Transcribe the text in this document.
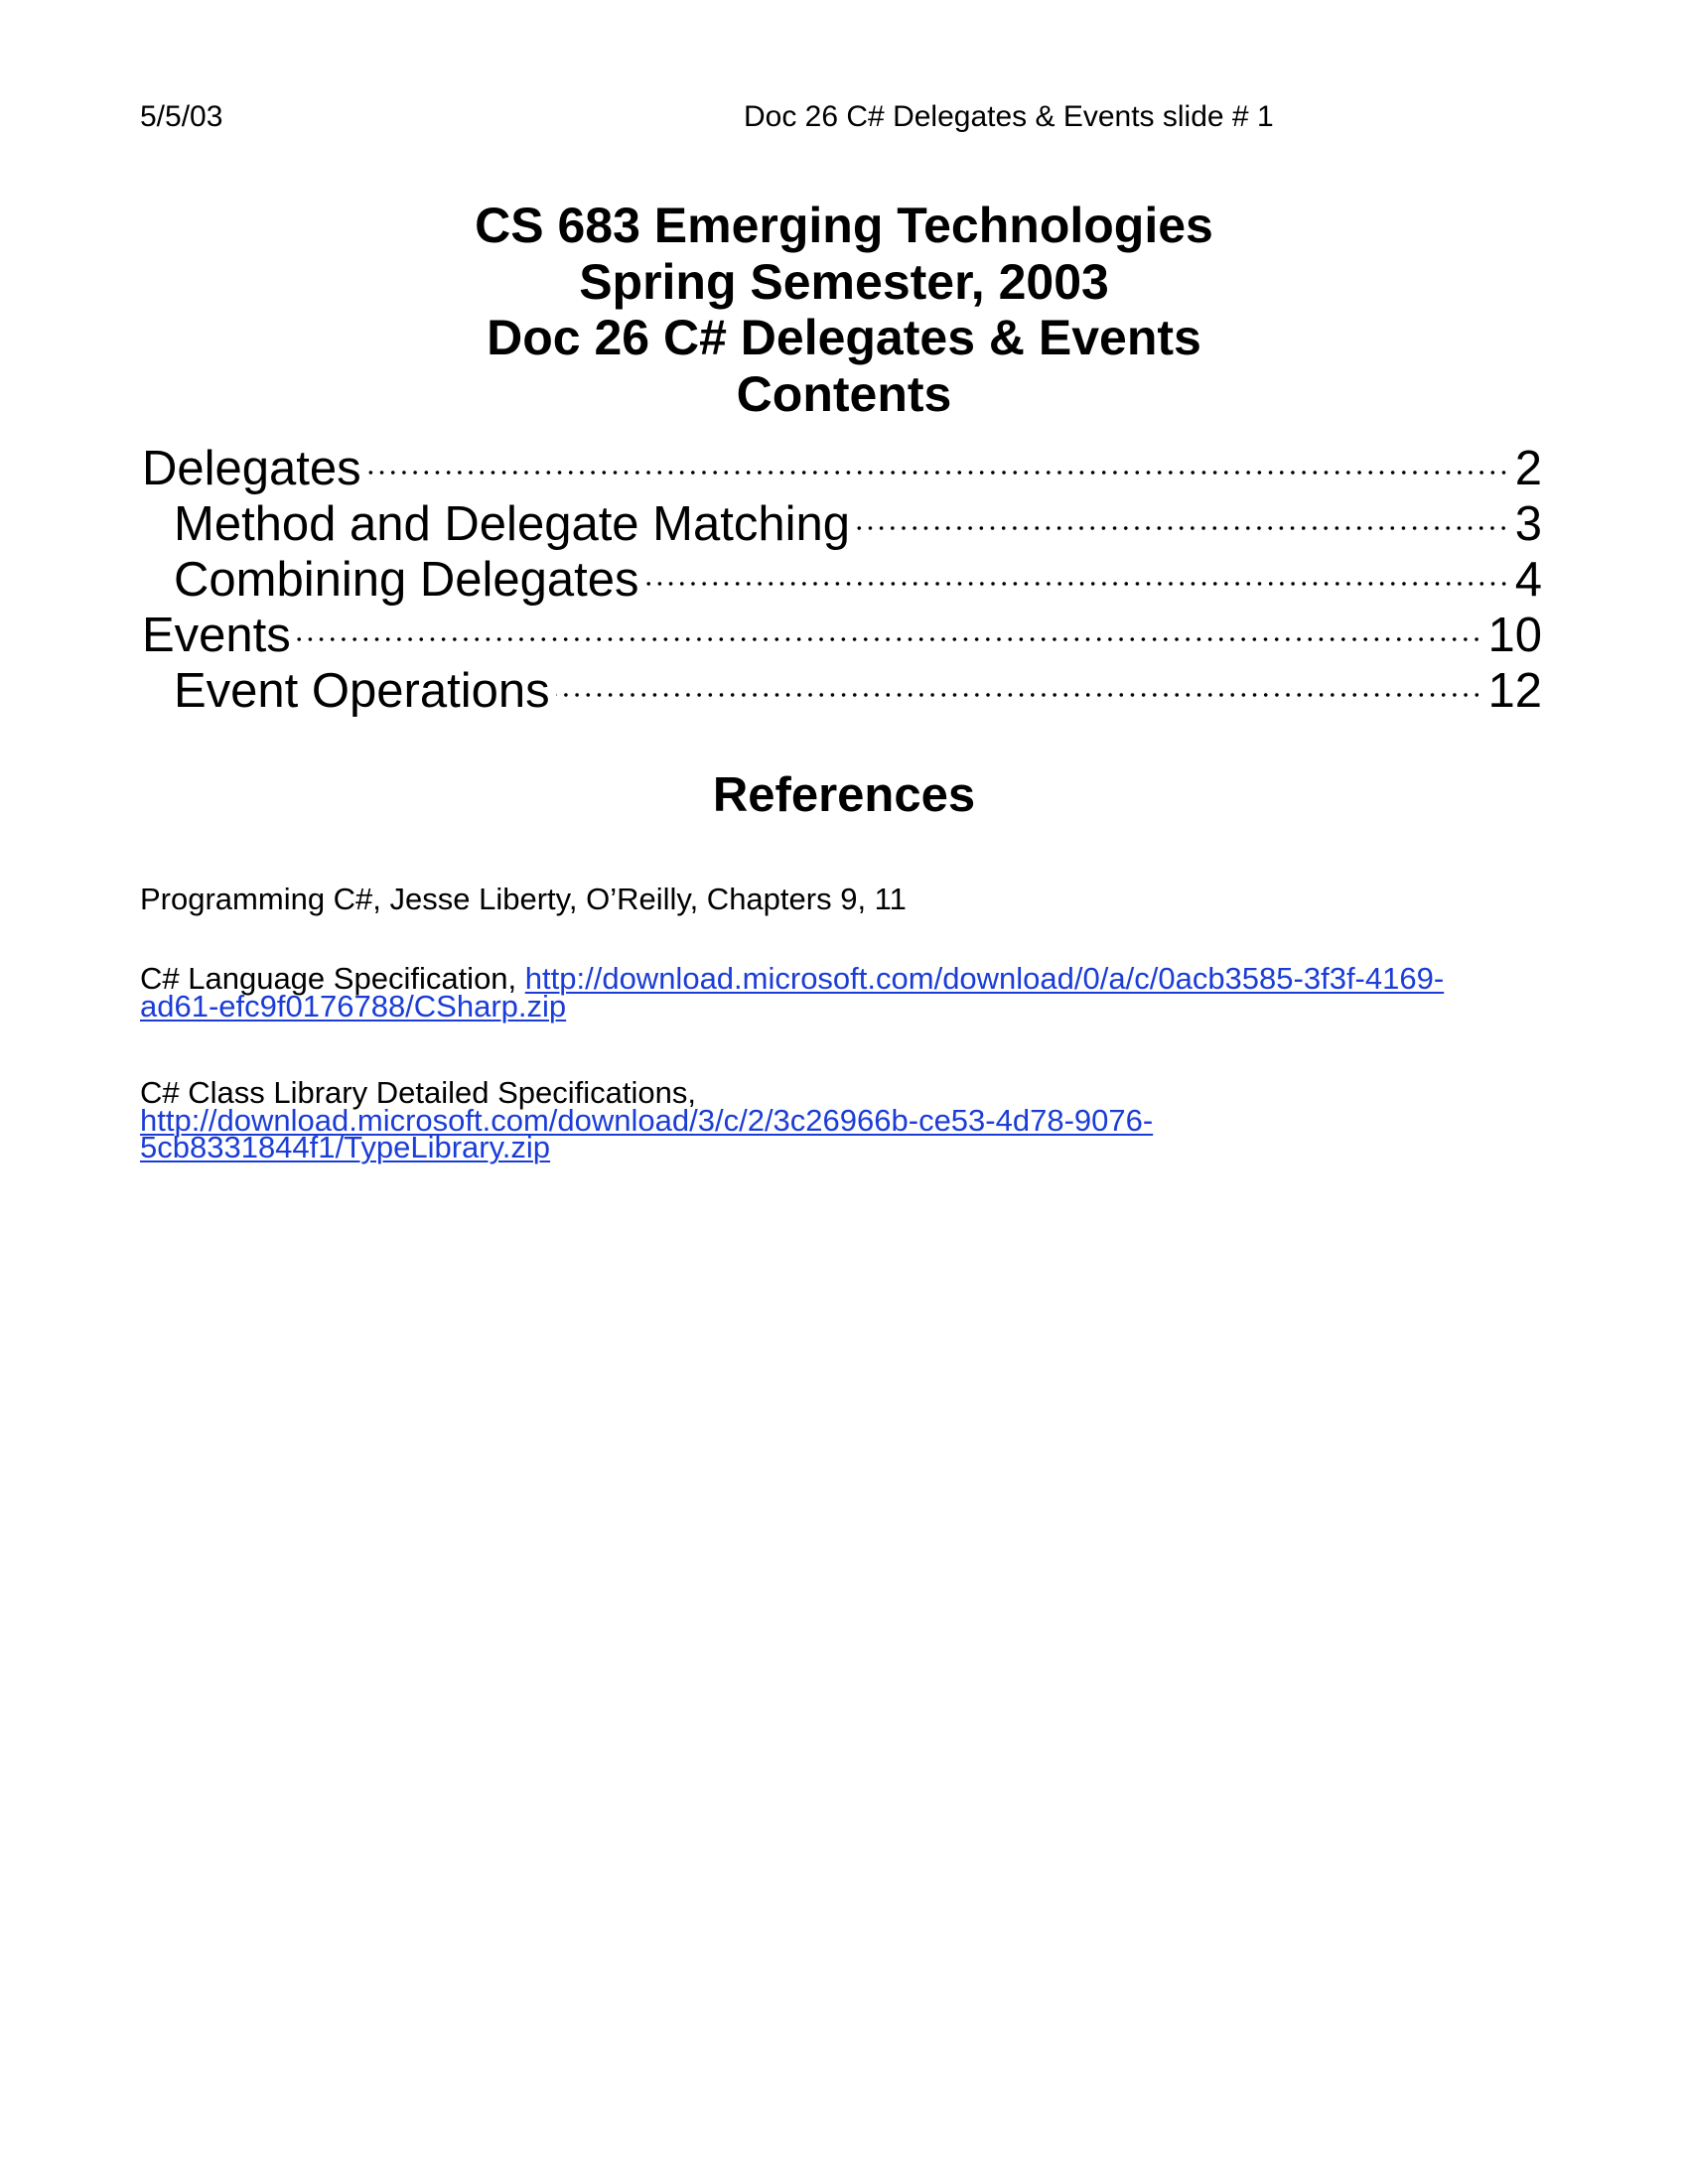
5/5/03	Doc 26 C# Delegates & Events slide # 1
CS 683 Emerging Technologies
Spring Semester, 2003
Doc 26 C# Delegates & Events
Contents
Delegates	2
Method and Delegate Matching	3
Combining Delegates	4
Events	10
Event Operations	12
References
Programming C#, Jesse Liberty, O’Reilly, Chapters 9, 11
C# Language Specification, http://download.microsoft.com/download/0/a/c/0acb3585-3f3f-4169-
ad61-efc9f0176788/CSharp.zip
C# Class Library Detailed Specifications,
http://download.microsoft.com/download/3/c/2/3c26966b-ce53-4d78-9076-
5cb8331844f1/TypeLibrary.zip
